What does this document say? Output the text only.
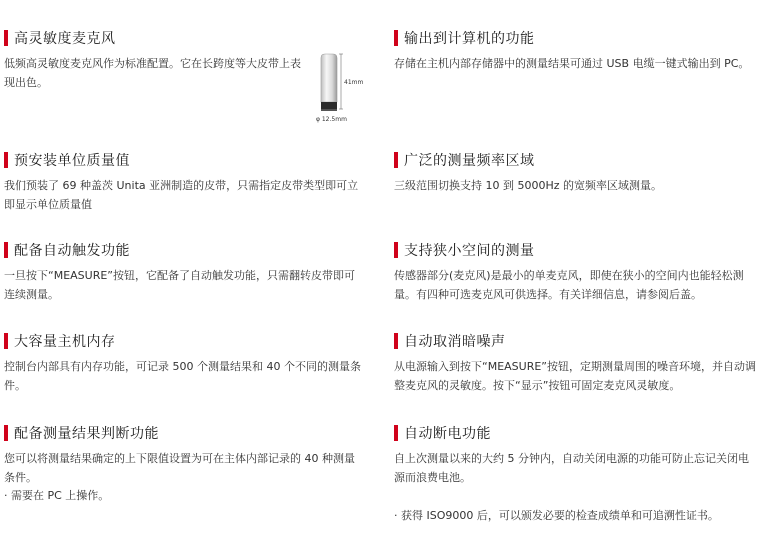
高灵敏度麦克风
低频高灵敏度麦克风作为标准配置。它在长跨度等大皮带上表现出色。
预安装单位质量值
我们预装了 69 种盖茨 Unita 亚洲制造的皮带，只需指定皮带类型即可立即显示单位质量值
配备自动触发功能
一旦按下“MEASURE”按钮，它配备了自动触发功能，只需翻转皮带即可连续测量。
大容量主机内存
控制台内部具有内存功能，可记录 500 个测量结果和 40 个不同的测量条件。
配备测量结果判断功能
您可以将测量结果确定的上下限值设置为可在主体内部记录的 40 种测量条件。
· 需要在 PC 上操作。
41mm
φ 12.5mm
输出到计算机的功能
存储在主机内部存储器中的测量结果可通过 USB 电缆一键式输出到 PC。
广泛的测量频率区域
三级范围切换支持 10 到 5000Hz 的宽频率区域测量。
支持狭小空间的测量
传感器部分(麦克风)是最小的单麦克风，即使在狭小的空间内也能轻松测量。有四种可选麦克风可供选择。有关详细信息，请参阅后盖。
自动取消暗噪声
从电源输入到按下“MEASURE”按钮，定期测量周围的噪音环境，并自动调整麦克风的灵敏度。按下“显示”按钮可固定麦克风灵敏度。
自动断电功能
自上次测量以来的大约 5 分钟内，自动关闭电源的功能可防止忘记关闭电源而浪费电池。
· 获得 ISO9000 后，可以颁发必要的检查成绩单和可追溯性证书。
